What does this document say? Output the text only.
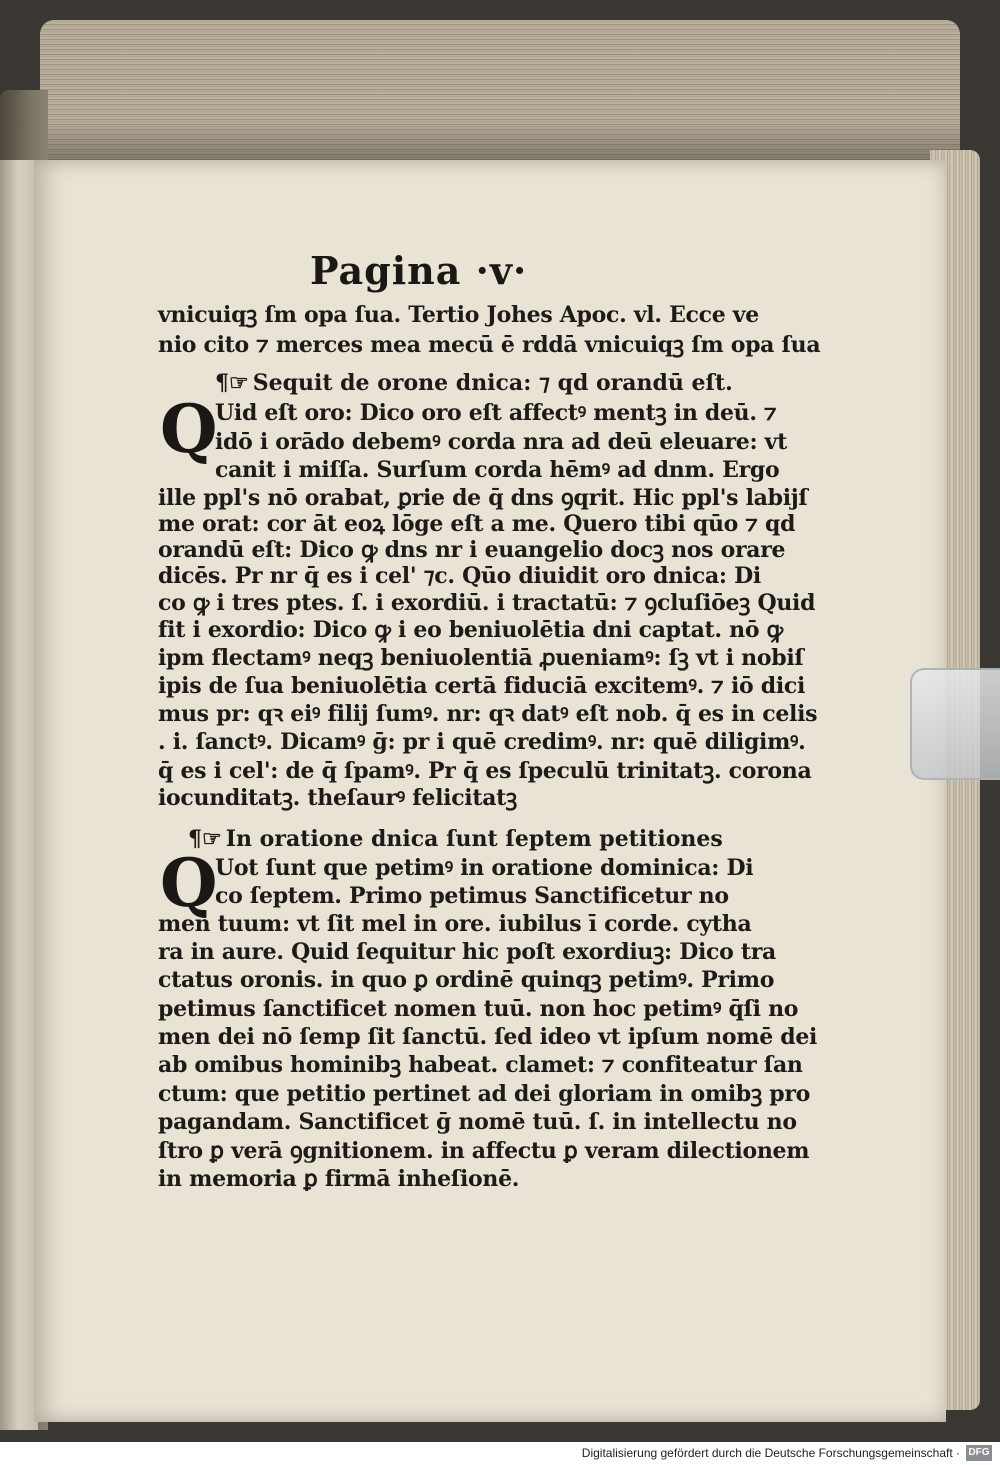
Pagina ·v·
vnicuiqꝫ ſm opa ſua. Tertio Johes Apoc. vl. Ecce ve
nio cito ⁊ merces mea mecū ē rddā vnicuiqꝫ ſm opa ſua
¶☞ Sequit de orone dnica: ⁊ qd orandū eſt.
Q
Uid eſt oro: Dico oro eſt affectꝰ mentꝫ in deū. ⁊
idō i orādo debemꝰ corda nra ad deū eleuare: vt
canit i miſſa. Surſum corda hēmꝰ ad dnm. Ergo
ille ppl's nō orabat, ꝑrie de q̄ dns ꝯqrit. Hic ppl's labijſ
me orat: cor āt eoꝝ lōge eſt a me. Quero tibi qūo ⁊ qd
orandū eſt: Dico ꝙ dns nr i euangelio docꝫ nos orare
dicēs. Pr nr q̄ es i cel' ⁊c. Qūo diuidit oro dnica: Di
co ꝙ i tres ptes. ſ. i exordiū. i tractatū: ⁊ ꝯcluſiōeꝫ Quid
fit i exordio: Dico ꝙ i eo beniuolētia dni captat. nō ꝙ
ipm flectamꝰ neqꝫ beniuolentiā ꝓueniamꝰ: ſꝫ vt i nobiſ
ipis de ſua beniuolētia certā fiduciā excitemꝰ. ⁊ iō dici
mus pr: qꝛ eiꝰ filij ſumꝰ. nr: qꝛ datꝰ eſt nob. q̄ es in celis
. i. ſanctꝰ. Dicamꝰ ḡ: pr i quē credimꝰ. nr: quē diligimꝰ.
q̄ es i cel': de q̄ ſpamꝰ. Pr q̄ es ſpeculū trinitatꝫ. corona
iocunditatꝫ. theſaurꝰ felicitatꝫ
¶☞ In oratione dnica ſunt ſeptem petitiones
Q
Uot ſunt que petimꝰ in oratione dominica: Di
co ſeptem. Primo petimus Sanctificetur no
men tuum: vt ſit mel in ore. iubilus ī corde. cytha
ra in aure. Quid ſequitur hic poſt exordiuꝫ: Dico tra
ctatus oronis. in quo ꝑ ordinē quinqꝫ petimꝰ. Primo
petimus ſanctificet nomen tuū. non hoc petimꝰ q̄ſi no
men dei nō ſemp ſit ſanctū. ſed ideo vt ipſum nomē dei
ab omibus hominibꝫ habeat. clamet: ⁊ confiteatur ſan
ctum: que petitio pertinet ad dei gloriam in omibꝫ pro
pagandam. Sanctificet ḡ nomē tuū. ſ. in intellectu no
ſtro ꝑ verā ꝯgnitionem. in affectu ꝑ veram dilectionem
in memoria ꝑ firmā inheſionē.
Digitalisierung gefördert durch die Deutsche Forschungsgemeinschaft · DFG
